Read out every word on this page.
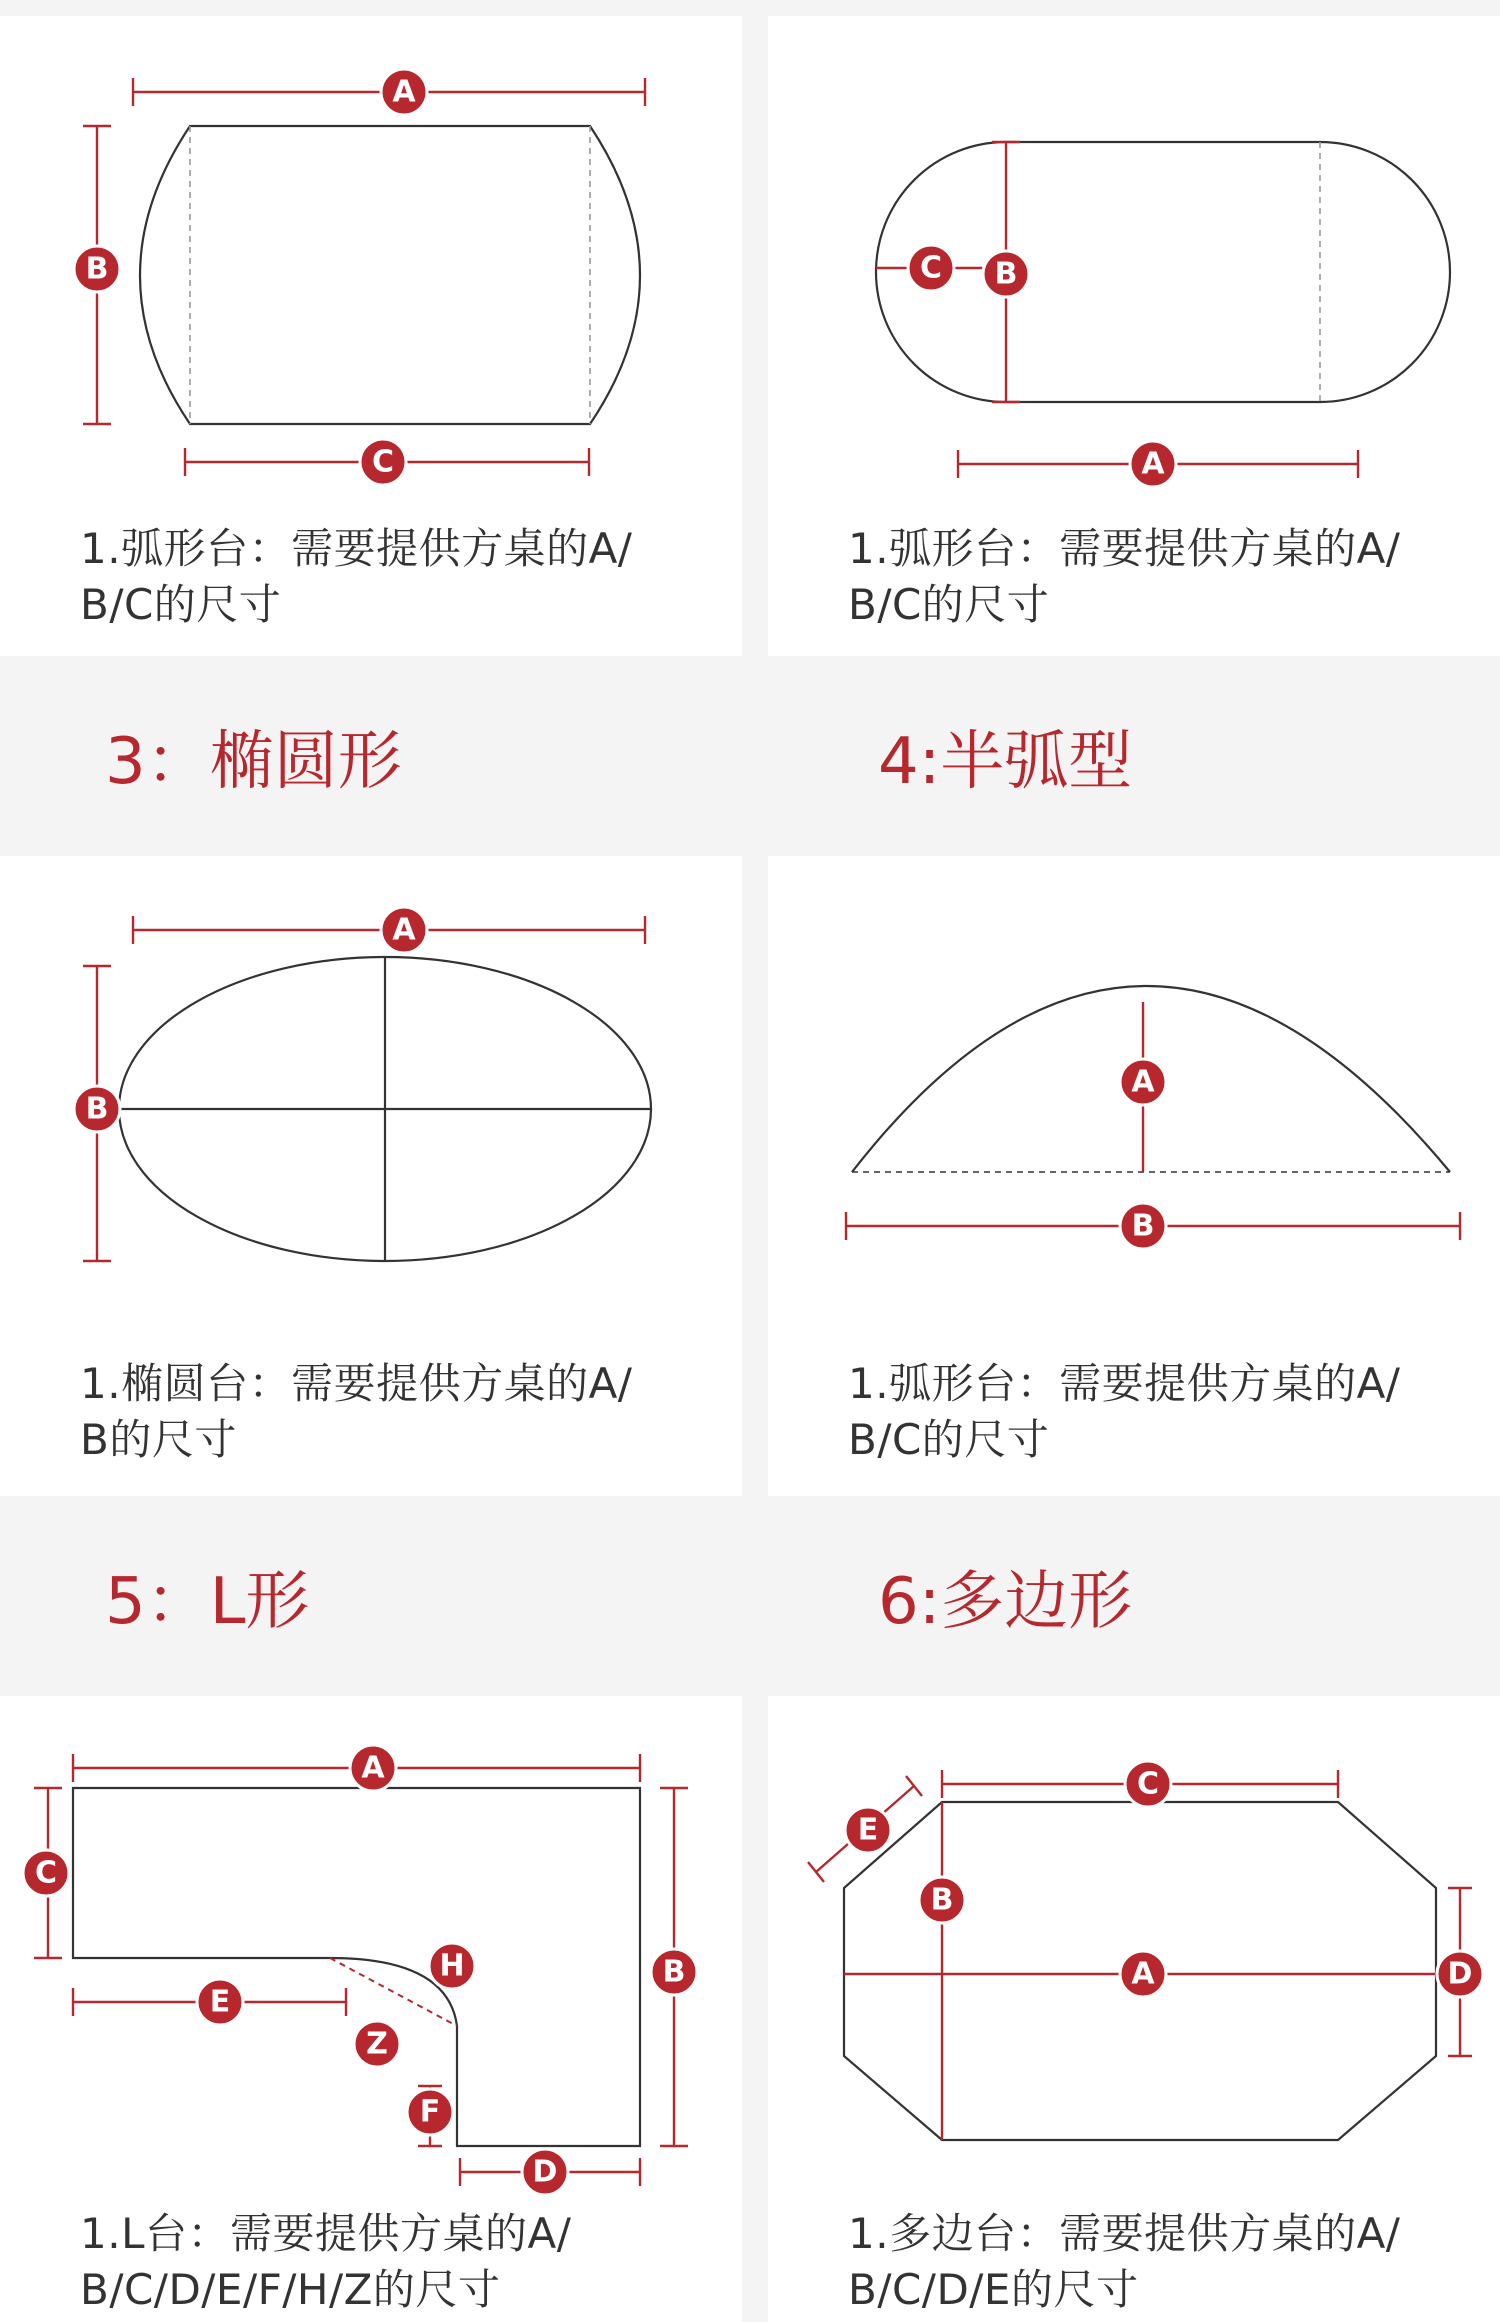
A
B
C
1.弧形台：需要提供方桌的A/
B/C的尺寸
C B
A
1.弧形台：需要提供方桌的A/
B/C的尺寸
3：椭圆形	4:半弧型
A
B
1.椭圆台：需要提供方桌的A/
B的尺寸
A
B
1.弧形台：需要提供方桌的A/
B/C的尺寸
5：L形	6:多边形
A
C
E
H
Z
F
B
D
1.L台：需要提供方桌的A/
B/C/D/E/F/H/Z的尺寸
E
C
B
A	D
1.多边台：需要提供方桌的A/
B/C/D/E的尺寸
